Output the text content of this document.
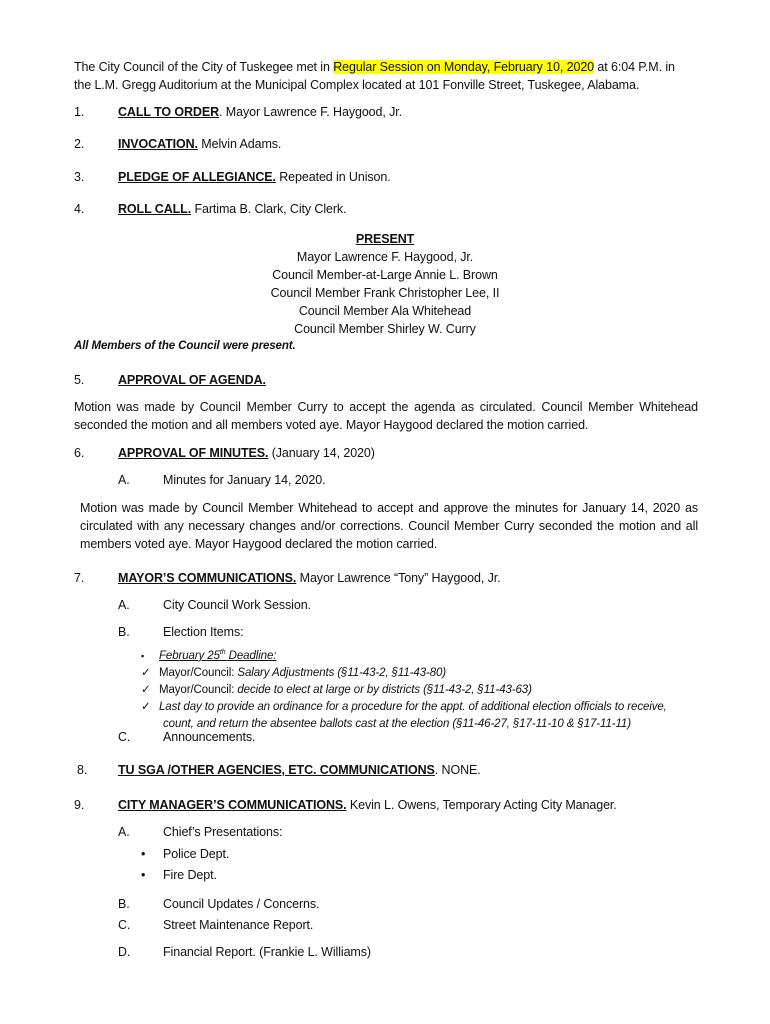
The City Council of the City of Tuskegee met in Regular Session on Monday, February 10, 2020 at 6:04 P.M. in
the L.M. Gregg Auditorium at the Municipal Complex located at 101 Fonville Street, Tuskegee, Alabama.
1.	CALL TO ORDER. Mayor Lawrence F. Haygood, Jr.
2.	INVOCATION. Melvin Adams.
3.	PLEDGE OF ALLEGIANCE. Repeated in Unison.
4.	ROLL CALL. Fartima B. Clark, City Clerk.
PRESENT
Mayor Lawrence F. Haygood, Jr.
Council Member-at-Large Annie L. Brown
Council Member Frank Christopher Lee, II
Council Member Ala Whitehead
Council Member Shirley W. Curry
All Members of the Council were present.
5.	APPROVAL OF AGENDA.
Motion was made by Council Member Curry to accept the agenda as circulated. Council Member Whitehead seconded the motion and all members voted aye. Mayor Haygood declared the motion carried.
6.	APPROVAL OF MINUTES. (January 14, 2020)
A.	Minutes for January 14, 2020.
Motion was made by Council Member Whitehead to accept and approve the minutes for January 14, 2020 as circulated with any necessary changes and/or corrections. Council Member Curry seconded the motion and all members voted aye. Mayor Haygood declared the motion carried.
7.	MAYOR’S COMMUNICATIONS. Mayor Lawrence “Tony” Haygood, Jr.
A.	City Council Work Session.
B.	Election Items:
▪ February 25th Deadline:
✓ Mayor/Council: Salary Adjustments (§11-43-2, §11-43-80)
✓ Mayor/Council: decide to elect at large or by districts (§11-43-2, §11-43-63)
✓ Last day to provide an ordinance for a procedure for the appt. of additional election officials to receive,
count, and return the absentee ballots cast at the election (§11-46-27, §17-11-10 & §17-11-11)
C.	Announcements.
8. TU SGA /OTHER AGENCIES, ETC. COMMUNICATIONS. NONE.
9.	CITY MANAGER’S COMMUNICATIONS. Kevin L. Owens, Temporary Acting City Manager.
A.	Chief’s Presentations:
• Police Dept.
• Fire Dept.
B.	Council Updates / Concerns.
C.	Street Maintenance Report.
D.	Financial Report. (Frankie L. Williams)
